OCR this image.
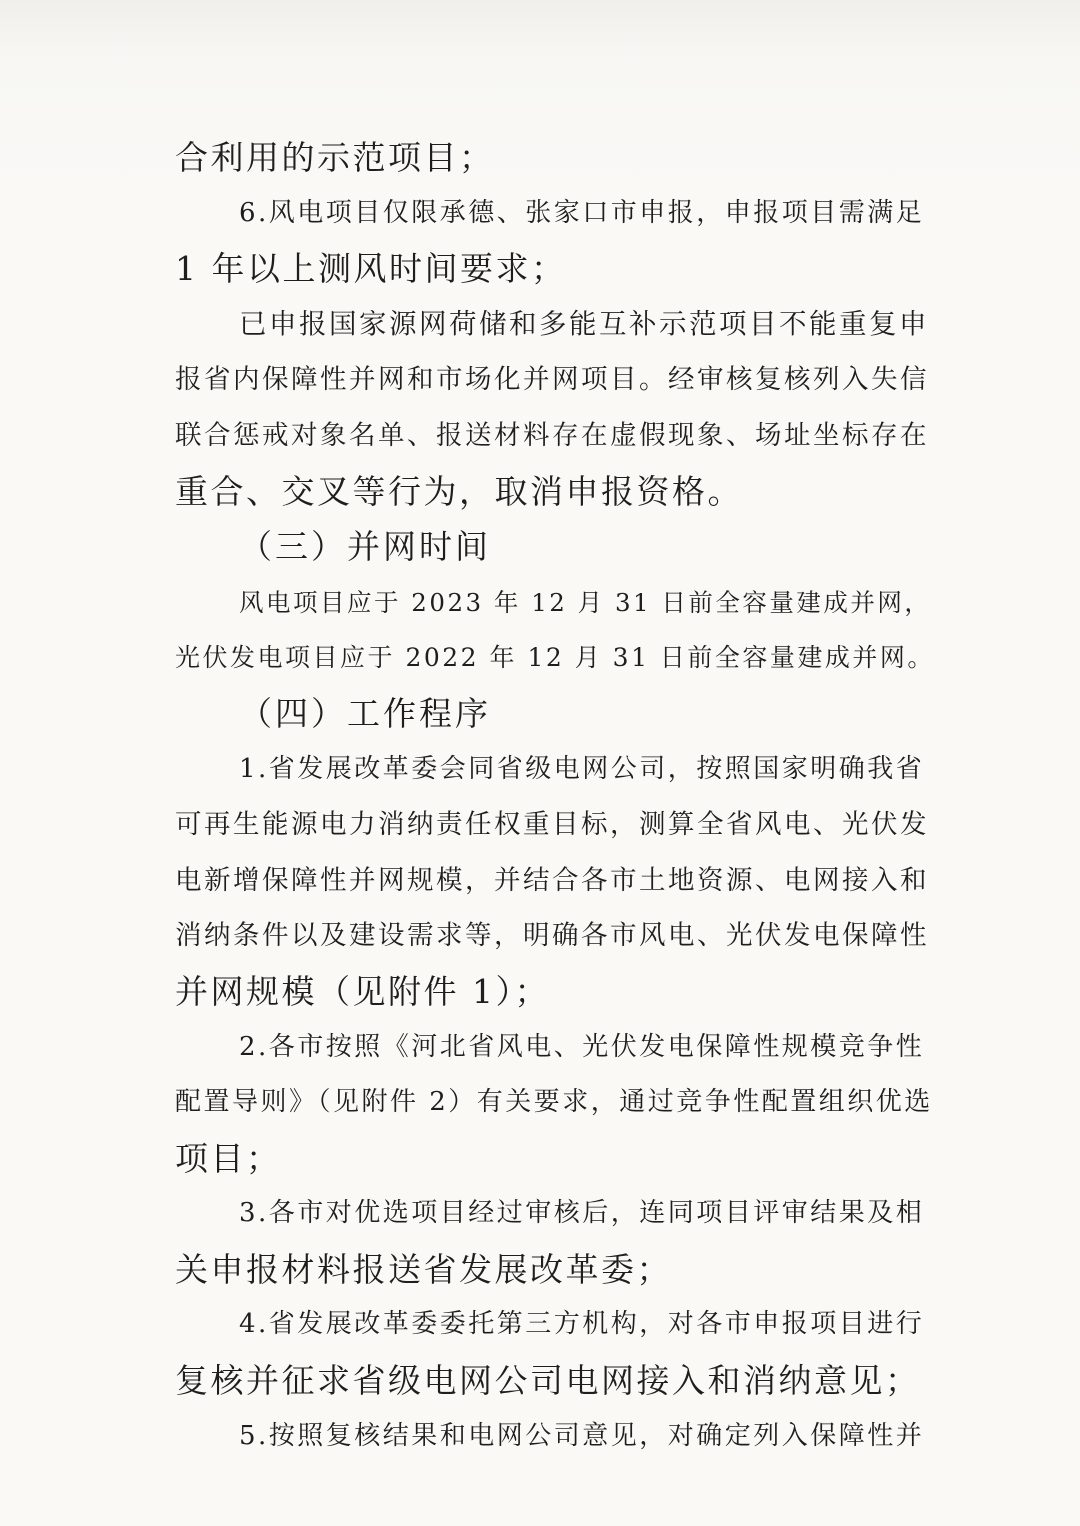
合利用的示范项目；
6.风电项目仅限承德、张家口市申报，申报项目需满足
1 年以上测风时间要求；
已申报国家源网荷储和多能互补示范项目不能重复申
报省内保障性并网和市场化并网项目。经审核复核列入失信
联合惩戒对象名单、报送材料存在虚假现象、场址坐标存在
重合、交叉等行为，取消申报资格。
（三）并网时间
风电项目应于 2023 年 12 月 31 日前全容量建成并网，
光伏发电项目应于 2022 年 12 月 31 日前全容量建成并网。
（四）工作程序
1.省发展改革委会同省级电网公司，按照国家明确我省
可再生能源电力消纳责任权重目标，测算全省风电、光伏发
电新增保障性并网规模，并结合各市土地资源、电网接入和
消纳条件以及建设需求等，明确各市风电、光伏发电保障性
并网规模（见附件 1）；
2.各市按照《河北省风电、光伏发电保障性规模竞争性
配置导则》（见附件 2）有关要求，通过竞争性配置组织优选
项目；
3.各市对优选项目经过审核后，连同项目评审结果及相
关申报材料报送省发展改革委；
4.省发展改革委委托第三方机构，对各市申报项目进行
复核并征求省级电网公司电网接入和消纳意见；
5.按照复核结果和电网公司意见，对确定列入保障性并
